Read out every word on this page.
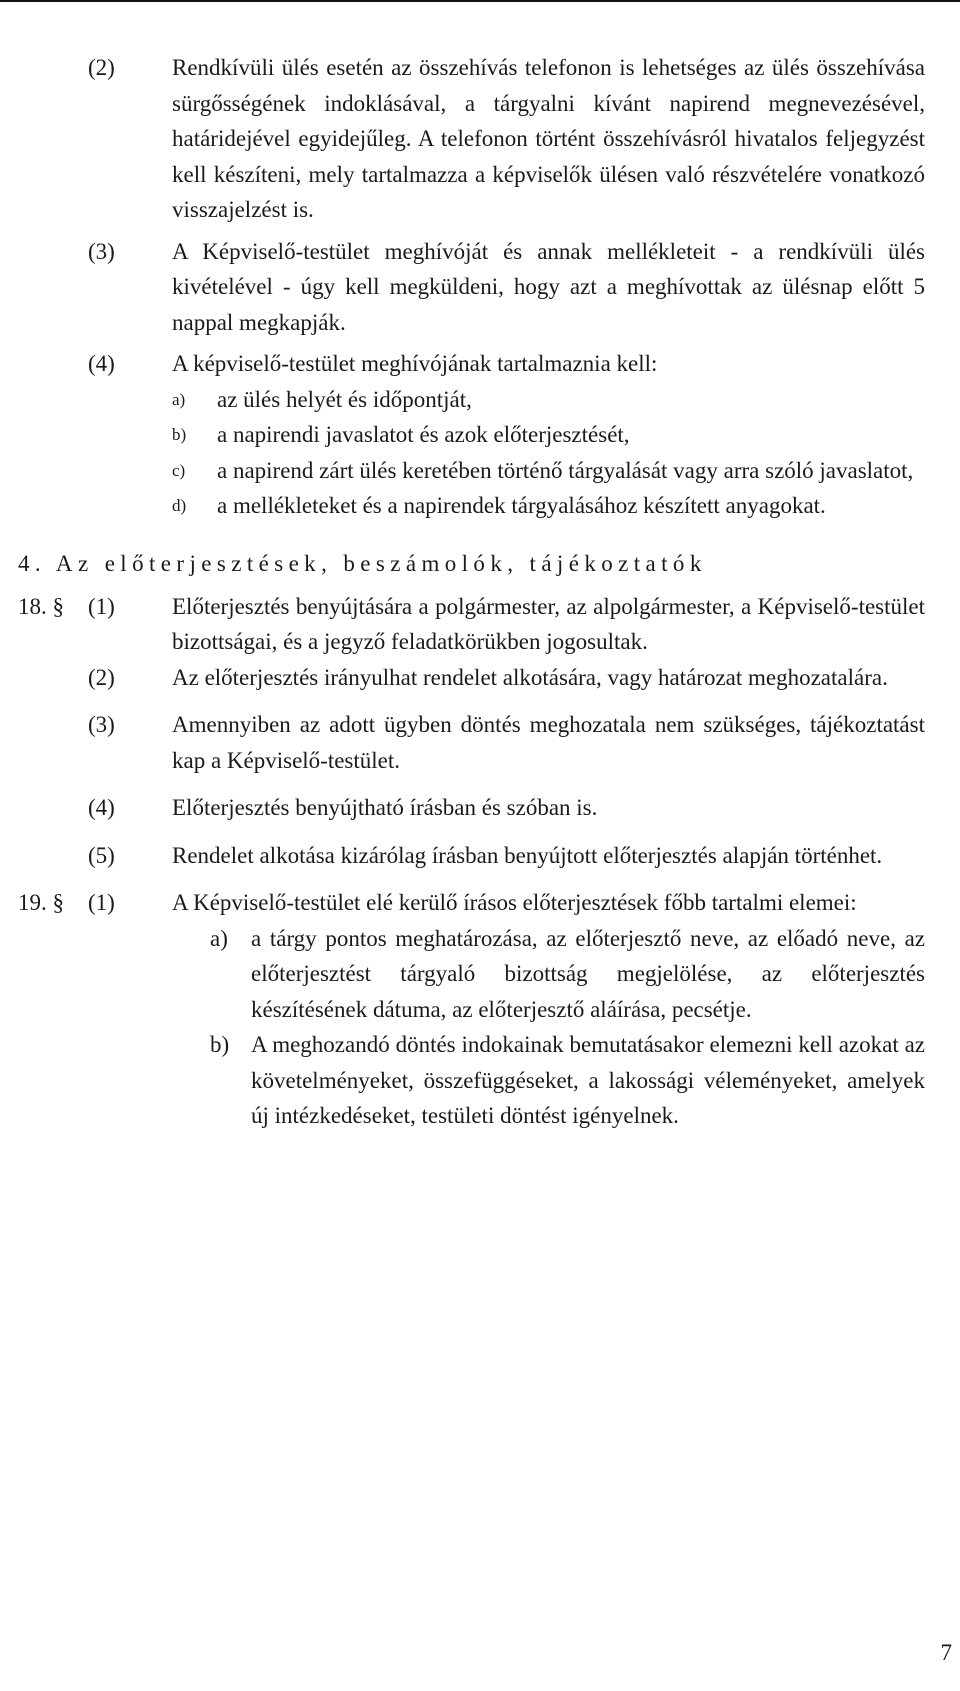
(2) Rendkívüli ülés esetén az összehívás telefonon is lehetséges az ülés összehívása sürgősségének indoklásával, a tárgyalni kívánt napirend megnevezésével, határidejével egyidejűleg. A telefonon történt összehívásról hivatalos feljegyzést kell készíteni, mely tartalmazza a képviselők ülésen való részvételére vonatkozó visszajelzést is.
(3) A Képviselő-testület meghívóját és annak mellékleteit - a rendkívüli ülés kivételével - úgy kell megküldeni, hogy azt a meghívottak az ülésnap előtt 5 nappal megkapják.
(4) A képviselő-testület meghívójának tartalmaznia kell:
a) az ülés helyét és időpontját,
b) a napirendi javaslatot és azok előterjesztését,
c) a napirend zárt ülés keretében történő tárgyalását vagy arra szóló javaslatot,
d) a mellékleteket és a napirendek tárgyalásához készített anyagokat.
4. Az előterjesztések, beszámolók, tájékoztatók
18. § (1) Előterjesztés benyújtására a polgármester, az alpolgármester, a Képviselő-testület bizottságai, és a jegyző feladatkörükben jogosultak.
(2) Az előterjesztés irányulhat rendelet alkotására, vagy határozat meghozatalára.
(3) Amennyiben az adott ügyben döntés meghozatala nem szükséges, tájékoztatást kap a Képviselő-testület.
(4) Előterjesztés benyújtható írásban és szóban is.
(5) Rendelet alkotása kizárólag írásban benyújtott előterjesztés alapján történhet.
19. § (1) A Képviselő-testület elé kerülő írásos előterjesztések főbb tartalmi elemei:
a) a tárgy pontos meghatározása, az előterjesztő neve, az előadó neve, az előterjesztést tárgyaló bizottság megjelölése, az előterjesztés készítésének dátuma, az előterjesztő aláírása, pecsétje.
b) A meghozandó döntés indokainak bemutatásakor elemezni kell azokat az követelményeket, összefüggéseket, a lakossági véleményeket, amelyek új intézkedéseket, testületi döntést igényelnek.
7
